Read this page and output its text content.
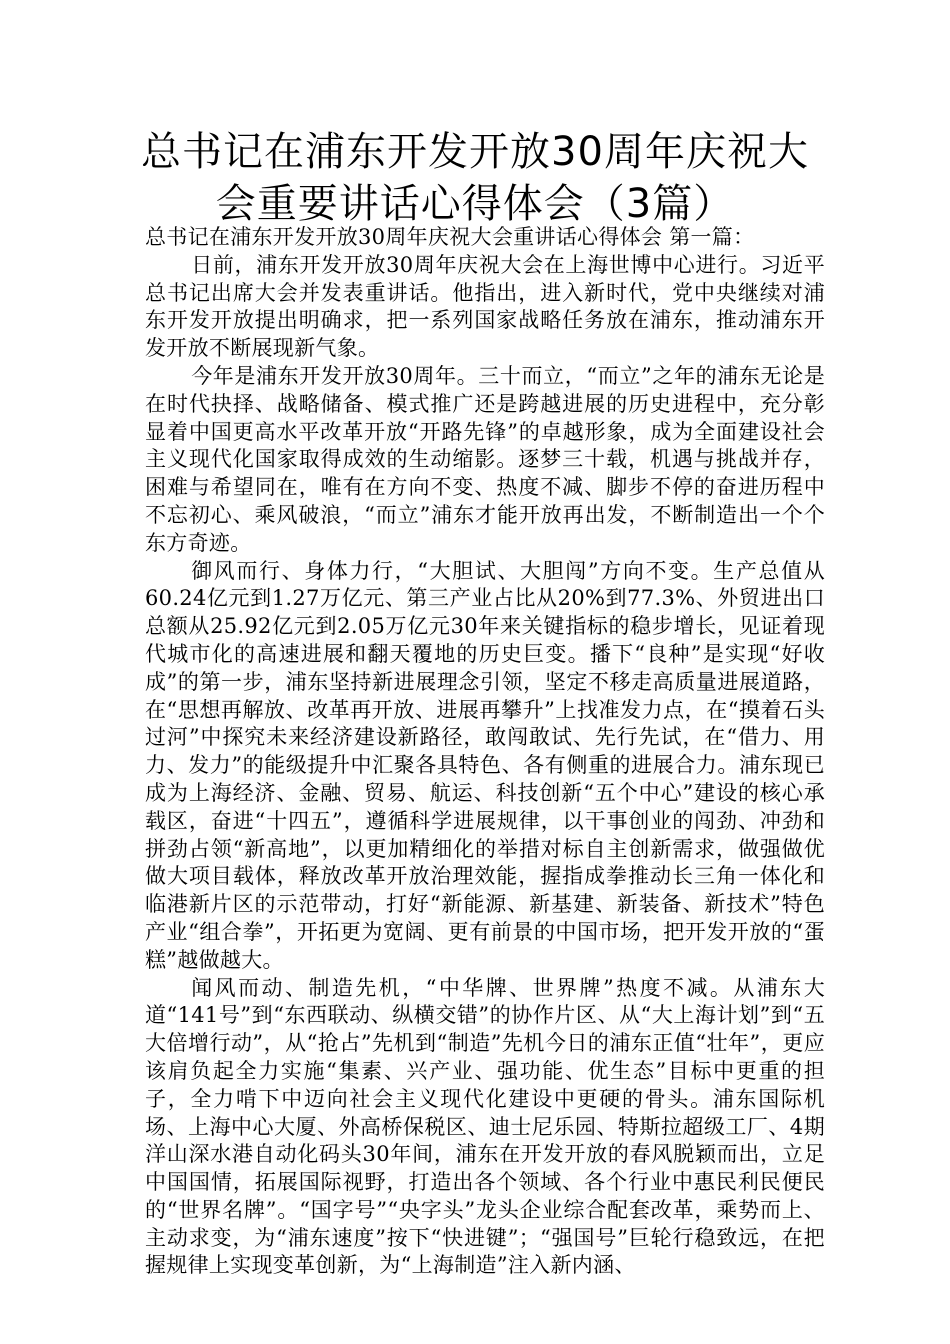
总书记在浦东开发开放30周年庆祝大
会重要讲话心得体会（3篇）

总书记在浦东开发开放30周年庆祝大会重讲话心得体会 第一篇：

日前，浦东开发开放30周年庆祝大会在上海世博中心进行。习近平总书记出席大会并发表重讲话。他指出，进入新时代，党中央继续对浦东开发开放提出明确求，把一系列国家战略任务放在浦东，推动浦东开发开放不断展现新气象。

今年是浦东开发开放30周年。三十而立，“而立”之年的浦东无论是在时代抉择、战略储备、模式推广还是跨越进展的历史进程中，充分彰显着中国更高水平改革开放“开路先锋”的卓越形象，成为全面建设社会主义现代化国家取得成效的生动缩影。逐梦三十载，机遇与挑战并存，困难与希望同在，唯有在方向不变、热度不减、脚步不停的奋进历程中不忘初心、乘风破浪，“而立”浦东才能开放再出发，不断制造出一个个东方奇迹。

御风而行、身体力行，“大胆试、大胆闯”方向不变。生产总值从60.24亿元到1.27万亿元、第三产业占比从20%到77.3%、外贸进出口总额从25.92亿元到2.05万亿元30年来关键指标的稳步增长，见证着现代城市化的高速进展和翻天覆地的历史巨变。播下“良种”是实现“好收成”的第一步，浦东坚持新进展理念引领，坚定不移走高质量进展道路，在“思想再解放、改革再开放、进展再攀升”上找准发力点，在“摸着石头过河”中探究未来经济建设新路径，敢闯敢试、先行先试，在“借力、用力、发力”的能级提升中汇聚各具特色、各有侧重的进展合力。浦东现已成为上海经济、金融、贸易、航运、科技创新“五个中心”建设的核心承载区，奋进“十四五”，遵循科学进展规律，以干事创业的闯劲、冲劲和拼劲占领“新高地”，以更加精细化的举措对标自主创新需求，做强做优做大项目载体，释放改革开放治理效能，握指成拳推动长三角一体化和临港新片区的示范带动，打好“新能源、新基建、新装备、新技术”特色产业“组合拳”，开拓更为宽阔、更有前景的中国市场，把开发开放的“蛋糕”越做越大。

闻风而动、制造先机，“中华牌、世界牌”热度不减。从浦东大道“141号”到“东西联动、纵横交错”的协作片区、从“大上海计划”到“五大倍增行动”，从“抢占”先机到“制造”先机今日的浦东正值“壮年”，更应该肩负起全力实施“集素、兴产业、强功能、优生态”目标中更重的担子，全力啃下中迈向社会主义现代化建设中更硬的骨头。浦东国际机场、上海中心大厦、外高桥保税区、迪士尼乐园、特斯拉超级工厂、4期洋山深水港自动化码头30年间，浦东在开发开放的春风脱颖而出，立足中国国情，拓展国际视野，打造出各个领域、各个行业中惠民利民便民的“世界名牌”。“国字号”“央字头”龙头企业综合配套改革，乘势而上、主动求变，为“浦东速度”按下“快进键”；“强国号”巨轮行稳致远，在把握规律上实现变革创新，为“上海制造”注入新内涵、
